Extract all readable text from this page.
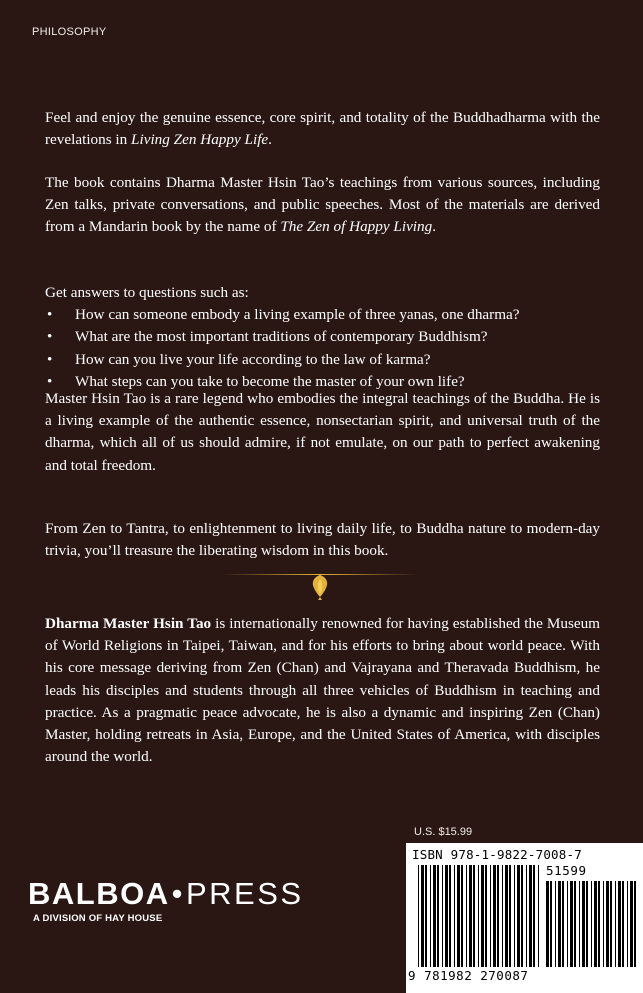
PHILOSOPHY

Feel and enjoy the genuine essence, core spirit, and totality of the Buddhadharma with the revelations in Living Zen Happy Life.

The book contains Dharma Master Hsin Tao’s teachings from various sources, including Zen talks, private conversations, and public speeches. Most of the materials are derived from a Mandarin book by the name of The Zen of Happy Living.

Get answers to questions such as:
• How can someone embody a living example of three yanas, one dharma?
• What are the most important traditions of contemporary Buddhism?
• How can you live your life according to the law of karma?
• What steps can you take to become the master of your own life?

Master Hsin Tao is a rare legend who embodies the integral teachings of the Buddha. He is a living example of the authentic essence, nonsectarian spirit, and universal truth of the dharma, which all of us should admire, if not emulate, on our path to perfect awakening and total freedom.

From Zen to Tantra, to enlightenment to living daily life, to Buddha nature to modern-day trivia, you’ll treasure the liberating wisdom in this book.

Dharma Master Hsin Tao is internationally renowned for having established the Museum of World Religions in Taipei, Taiwan, and for his efforts to bring about world peace. With his core message deriving from Zen (Chan) and Vajrayana and Theravada Buddhism, he leads his disciples and students through all three vehicles of Buddhism in teaching and practice. As a pragmatic peace advocate, he is also a dynamic and inspiring Zen (Chan) Master, holding retreats in Asia, Europe, and the United States of America, with disciples around the world.

U.S. $15.99
ISBN 978-1-9822-7008-7
51599
9 781982 270087
BALBOA•PRESS
A DIVISION OF HAY HOUSE
